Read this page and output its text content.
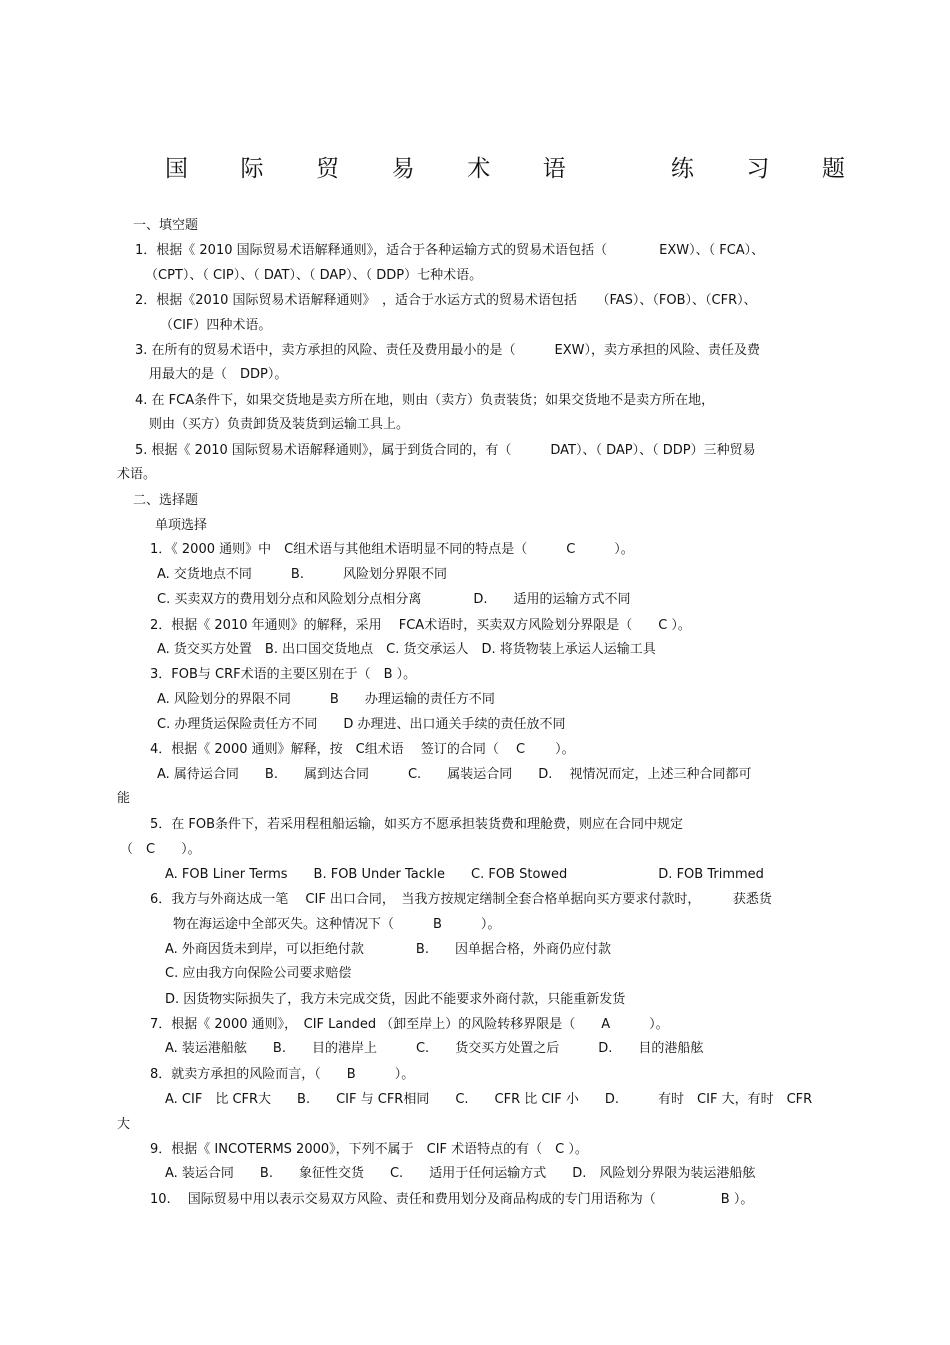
国 际 贸 易 术 语	练 习 题
一、填空题
1．根据《 2010 国际贸易术语解释通则》，适合于各种运输方式的贸易术语包括（　　　　EXW）、（ FCA）、
（CPT）、（ CIP）、（ DAT）、（ DAP）、（ DDP）七种术语。
2．根据《2010 国际贸易术语解释通则》　，适合于水运方式的贸易术语包括　　（FAS）、（FOB）、（CFR）、
（CIF）四种术语。
3. 在所有的贸易术语中，卖方承担的风险、责任及费用最小的是（　　　EXW），卖方承担的风险、责任及费
用最大的是（　DDP）。
4. 在 FCA条件下，如果交货地是卖方所在地，则由（卖方）负责装货；如果交货地不是卖方所在地，
则由（买方）负责卸货及装货到运输工具上。
5. 根据《 2010 国际贸易术语解释通则》，属于到货合同的，有（　　　DAT）、（ DAP）、（ DDP）三种贸易
术语。
二、选择题
单项选择
1．《 2000 通则》中　C组术语与其他组术语明显不同的特点是（　　　C　　　）。
A. 交货地点不同　　　B.　　　风险划分界限不同
C. 买卖双方的费用划分点和风险划分点相分离　　　　D.　　适用的运输方式不同
2．根据《 2010 年通则》的解释，采用　 FCA术语时，买卖双方风险划分界限是（　　C ）。
A. 货交买方处置　B. 出口国交货地点　C. 货交承运人　D. 将货物装上承运人运输工具
3．FOB与 CRF术语的主要区别在于（　B ）。
A. 风险划分的界限不同　　　B　　办理运输的责任方不同
C. 办理货运保险责任方不同　　D 办理进、出口通关手续的责任放不同
4．根据《 2000 通则》解释，按　C组术语　 签订的合同（　 C　　 ）。
A. 属待运合同　　B.　　属到达合同　　　C.　　属装运合同　　D.　 视情况而定，上述三种合同都可
能
5．在 FOB条件下，若采用程租船运输，如买方不愿承担装货费和理舱费，则应在合同中规定
（　C　　）。
A. FOB Liner Terms　　B. FOB Under Tackle　　C. FOB Stowed　　　　　　　D. FOB Trimmed
6．我方与外商达成一笔　 CIF 出口合同，　当我方按规定缮制全套合格单据向买方要求付款时，　　　获悉货
物在海运途中全部灭失。这种情况下（　　　B　　　）。
A. 外商因货未到岸，可以拒绝付款　　　　B.　　因单据合格，外商仍应付款
C. 应由我方向保险公司要求赔偿
D. 因货物实际损失了，我方未完成交货，因此不能要求外商付款，只能重新发货
7．根据《 2000 通则》，　CIF Landed （卸至岸上）的风险转移界限是（　　A　　　）。
A. 装运港船舷　　B.　　目的港岸上　　　C.　　货交买方处置之后　　　D.　　目的港船舷
8．就卖方承担的风险而言，（　　B　　　）。
A. CIF　比 CFR大　　B.　　CIF 与 CFR相同　　C.　　CFR 比 CIF 小　　D.　　　有时　CIF 大，有时　CFR
大
9．根据《 INCOTERMS 2000》，下列不属于　CIF 术语特点的有（　C ）。
A. 装运合同　　B.　　象征性交货　　C.　　适用于任何运输方式　　D.　风险划分界限为装运港船舷
10.　 国际贸易中用以表示交易双方风险、责任和费用划分及商品构成的专门用语称为（　　　　　B ）。
